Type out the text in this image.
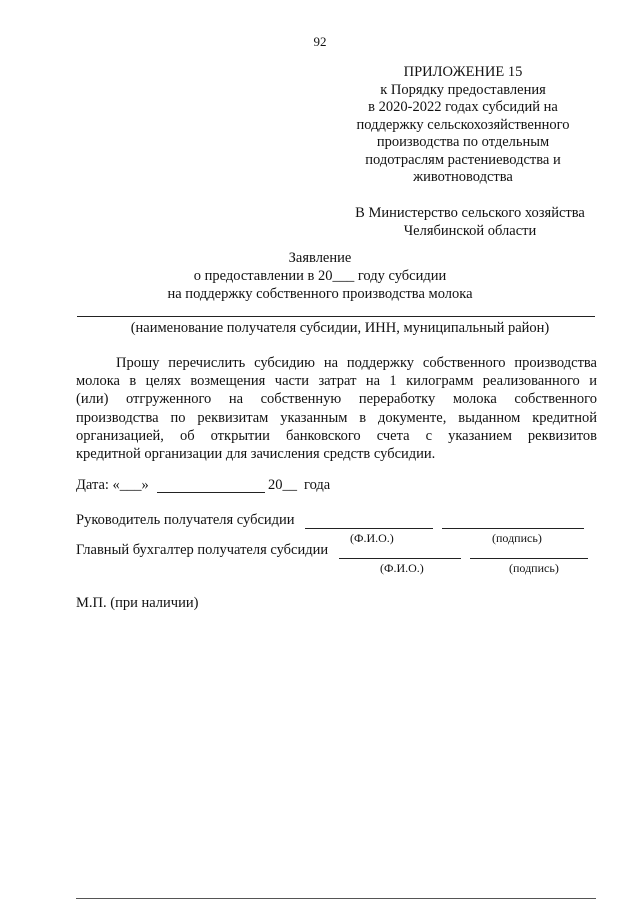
92
ПРИЛОЖЕНИЕ 15
к Порядку предоставления
в 2020-2022 годах субсидий на
поддержку сельскохозяйственного
производства по отдельным
подотраслям растениеводства и
животноводства
В Министерство сельского хозяйства
Челябинской области
Заявление
о предоставлении в 20___ году субсидии
на поддержку собственного производства молока
(наименование получателя субсидии, ИНН, муниципальный район)
Прошу перечислить субсидию на поддержку собственного производства
молока в целях возмещения части затрат на 1 килограмм реализованного и
(или) отгруженного на собственную переработку молока собственного
производства по реквизитам указанным в документе, выданном кредитной
организацией, об открытии банковского счета с указанием реквизитов
кредитной организации для зачисления средств субсидии.
Дата: «___»	20__ года
Руководитель получателя субсидии
(Ф.И.О.)	(подпись)
Главный бухгалтер получателя субсидии
(Ф.И.О.)	(подпись)
М.П. (при наличии)
